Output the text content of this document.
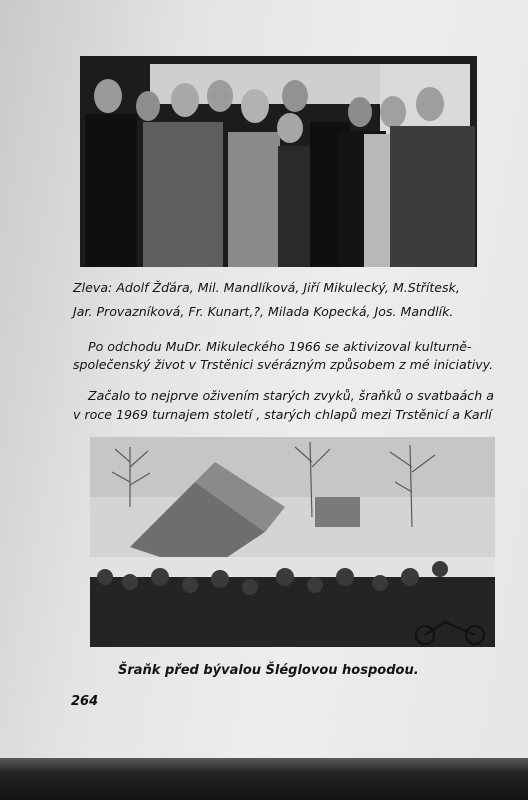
Zleva: Adolf Žďára, Mil. Mandlíková, Jiří Mikulecký, M.Střítesk,
Jar. Provazníková, Fr. Kunart,?, Milada Kopecká, Jos. Mandlík.
Po odchodu MuDr. Mikuleckého 1966 se aktivizoval kulturně-
společenský život v Trstěnici svérázným způsobem z mé iniciativy.
Začalo to nejprve oživením starých zvyků, šraňků o svatbaách a
v roce 1969 turnajem století , starých chlapů mezi Trstěnicí a Karlí
Šraňk před bývalou Šléglovou hospodou.
264
